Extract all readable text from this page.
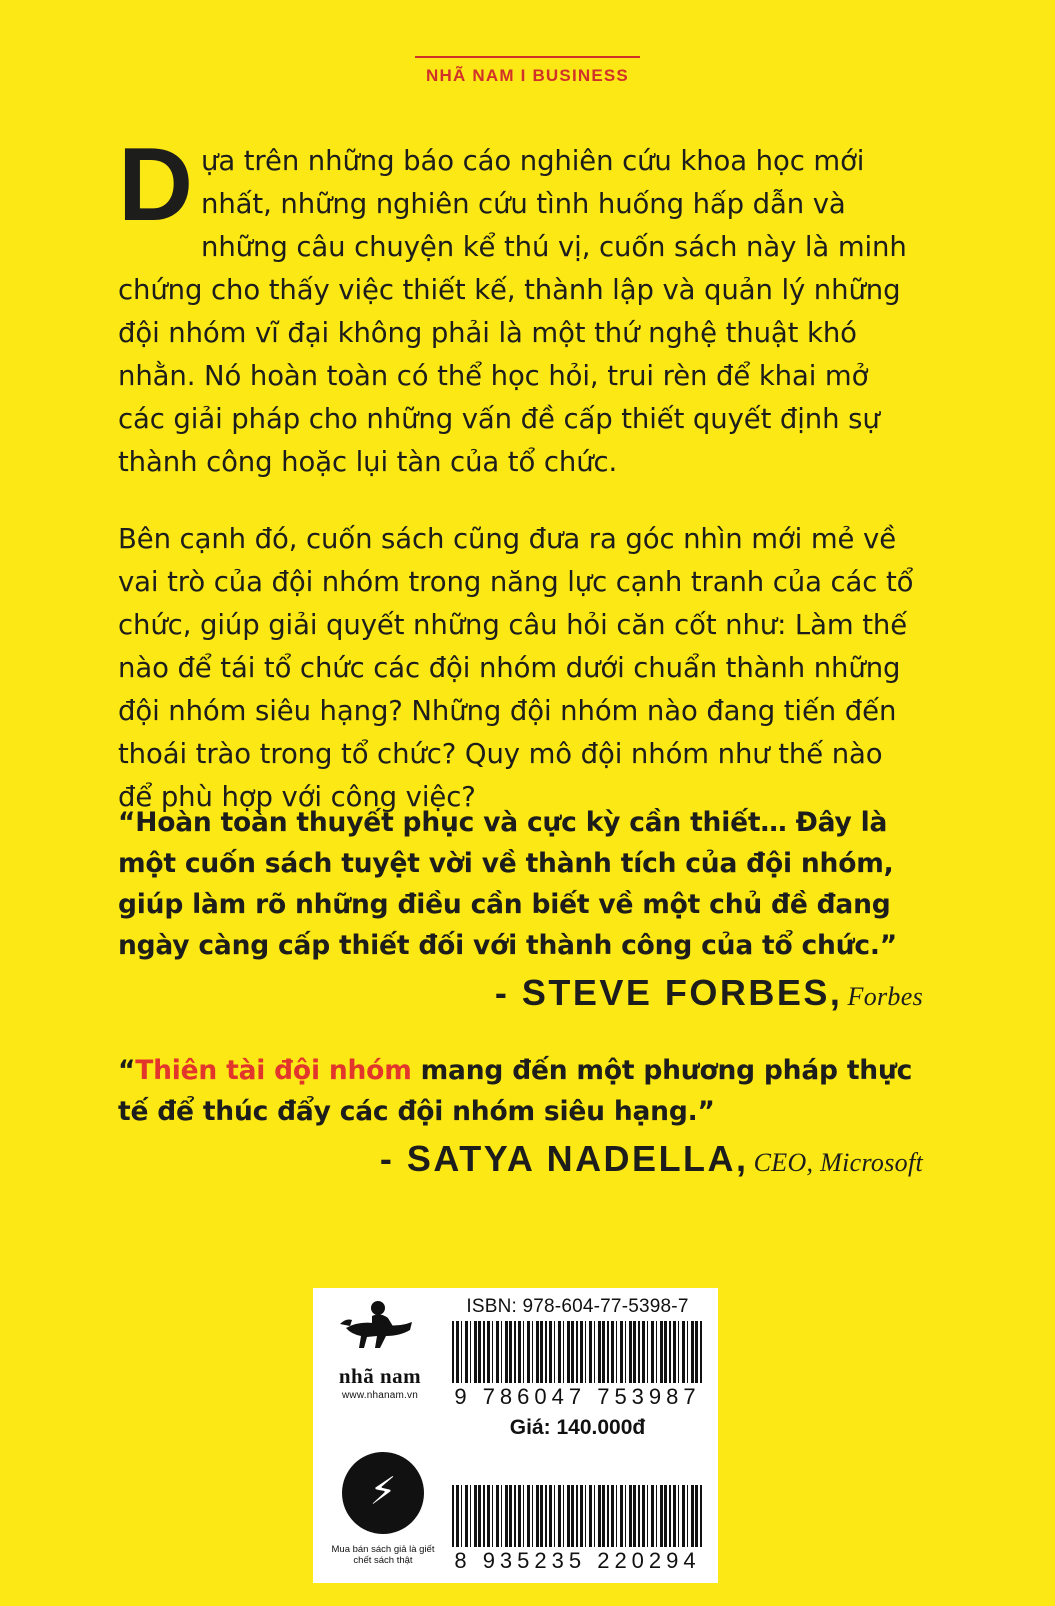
NHÃ NAM I BUSINESS

Dựa trên những báo cáo nghiên cứu khoa học mới nhất, những nghiên cứu tình huống hấp dẫn và những câu chuyện kể thú vị, cuốn sách này là minh chứng cho thấy việc thiết kế, thành lập và quản lý những đội nhóm vĩ đại không phải là một thứ nghệ thuật khó nhằn. Nó hoàn toàn có thể học hỏi, trui rèn để khai mở các giải pháp cho những vấn đề cấp thiết quyết định sự thành công hoặc lụi tàn của tổ chức.

Bên cạnh đó, cuốn sách cũng đưa ra góc nhìn mới mẻ về vai trò của đội nhóm trong năng lực cạnh tranh của các tổ chức, giúp giải quyết những câu hỏi căn cốt như: Làm thế nào để tái tổ chức các đội nhóm dưới chuẩn thành những đội nhóm siêu hạng? Những đội nhóm nào đang tiến đến thoái trào trong tổ chức? Quy mô đội nhóm như thế nào để phù hợp với công việc?

“Hoàn toàn thuyết phục và cực kỳ cần thiết… Đây là một cuốn sách tuyệt vời về thành tích của đội nhóm, giúp làm rõ những điều cần biết về một chủ đề đang ngày càng cấp thiết đối với thành công của tổ chức.”

- STEVE FORBES, Forbes

“Thiên tài đội nhóm mang đến một phương pháp thực tế để thúc đẩy các đội nhóm siêu hạng.”

- SATYA NADELLA, CEO, Microsoft
nhã nam
www.nhanam.vn
⚡
Mua bán sách giả là giết chết sách thật
ISBN: 978-604-77-5398-7
9 786047 753987
Giá: 140.000đ
8 935235 220294
